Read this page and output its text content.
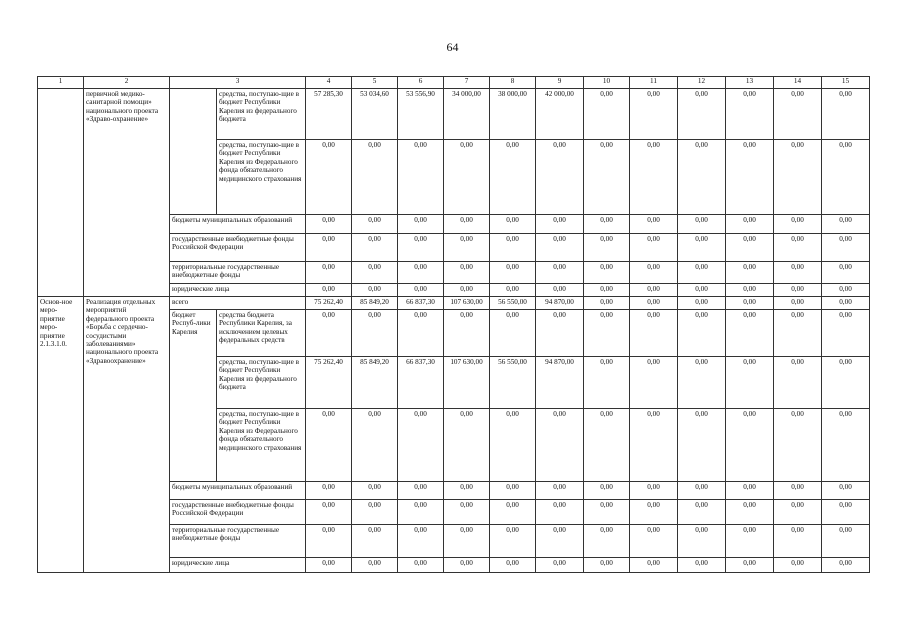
64
1	2	3		4	5	6	7	8	9	10	11	12	13	14	15
	первичной медико-санитарной помощи» национального проекта «Здраво-охранение»		средства, поступаю-щие в бюджет Республики Карелия из федерального бюджета	57 285,30	53 034,60	53 556,90	34 000,00	38 000,00	42 000,00	0,00	0,00	0,00	0,00	0,00	0,00
			средства, поступаю-щие в бюджет Республики Карелия из Федерального фонда обязательного медицинского страхования	0,00	0,00	0,00	0,00	0,00	0,00	0,00	0,00	0,00	0,00	0,00	0,00
		бюджеты муниципальных образований		0,00	0,00	0,00	0,00	0,00	0,00	0,00	0,00	0,00	0,00	0,00	0,00
		государственные внебюджетные фонды Российской Федерации		0,00	0,00	0,00	0,00	0,00	0,00	0,00	0,00	0,00	0,00	0,00	0,00
		территориальные государственные внебюджетные фонды		0,00	0,00	0,00	0,00	0,00	0,00	0,00	0,00	0,00	0,00	0,00	0,00
		юридические лица		0,00	0,00	0,00	0,00	0,00	0,00	0,00	0,00	0,00	0,00	0,00	0,00
Основ-ное меро-приятие меро-приятие 2.1.3.1.0.	Реализация отдельных мероприятий федерального проекта «Борьба с сердечно-сосудистыми заболеваниями» национального проекта «Здравоохранение»	всего		75 262,40	85 849,20	66 837,30	107 630,00	56 550,00	94 870,00	0,00	0,00	0,00	0,00	0,00	0,00
		бюджет Респуб-лики Карелия	средства бюджета Республики Карелия, за исключением целевых федеральных средств	0,00	0,00	0,00	0,00	0,00	0,00	0,00	0,00	0,00	0,00	0,00	0,00
			средства, поступаю-щие в бюджет Республики Карелия из федерального бюджета	75 262,40	85 849,20	66 837,30	107 630,00	56 550,00	94 870,00	0,00	0,00	0,00	0,00	0,00	0,00
			средства, поступаю-щие в бюджет Республики Карелия из Федерального фонда обязательного медицинского страхования	0,00	0,00	0,00	0,00	0,00	0,00	0,00	0,00	0,00	0,00	0,00	0,00
		бюджеты муниципальных образований		0,00	0,00	0,00	0,00	0,00	0,00	0,00	0,00	0,00	0,00	0,00	0,00
		государственные внебюджетные фонды Российской Федерации		0,00	0,00	0,00	0,00	0,00	0,00	0,00	0,00	0,00	0,00	0,00	0,00
		территориальные государственные внебюджетные фонды		0,00	0,00	0,00	0,00	0,00	0,00	0,00	0,00	0,00	0,00	0,00	0,00
		юридические лица		0,00	0,00	0,00	0,00	0,00	0,00	0,00	0,00	0,00	0,00	0,00	0,00
